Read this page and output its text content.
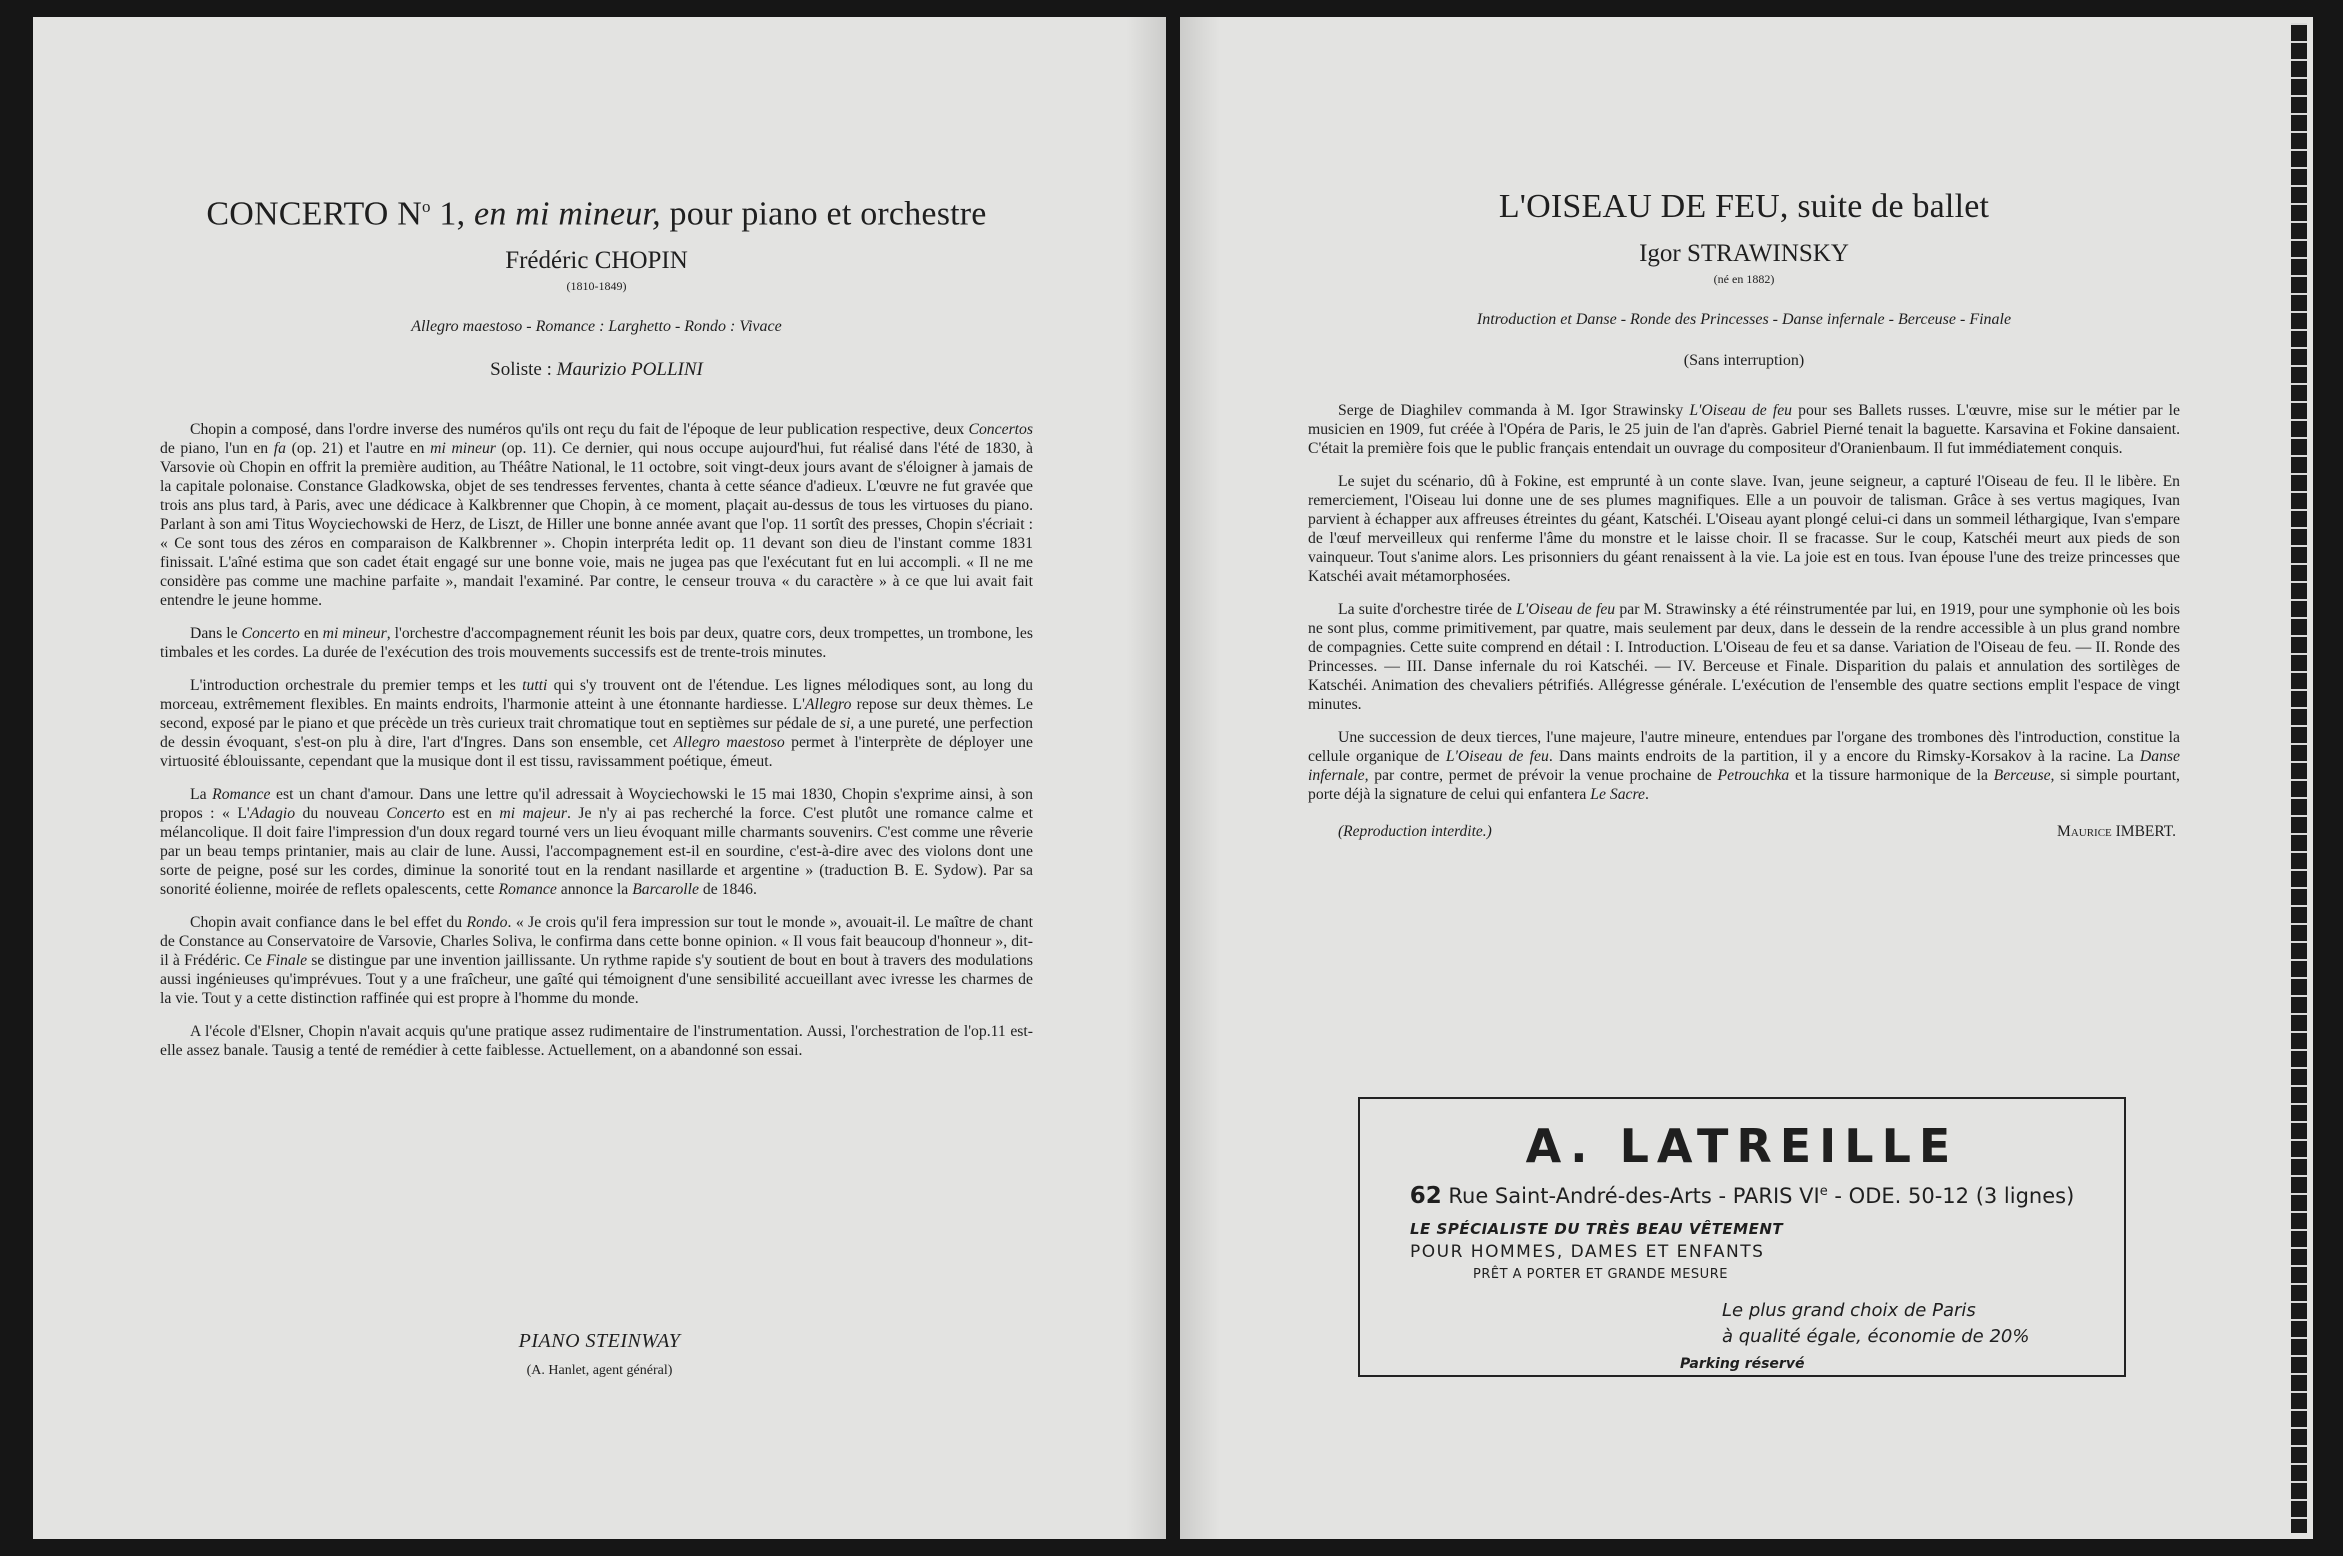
CONCERTO $N^o$ 1, en mi mineur, pour piano et orchestre
Frédéric CHOPIN
(1810-1849)
Allegro maestoso - Romance : Larghetto - Rondo : Vivace
Soliste : Maurizio POLLINI

Chopin a composé, dans l'ordre inverse des numéros qu'ils ont reçu du fait de l'époque de leur publication respective, deux Concertos de piano, l'un en fa (op. 21) et l'autre en mi mineur (op. 11). Ce dernier, qui nous occupe aujourd'hui, fut réalisé dans l'été de 1830, à Varsovie où Chopin en offrit la première audition, au Théâtre National, le 11 octobre, soit vingt-deux jours avant de s'éloigner à jamais de la capitale polonaise. Constance Gladkowska, objet de ses tendresses ferventes, chanta à cette séance d'adieux. L'œuvre ne fut gravée que trois ans plus tard, à Paris, avec une dédicace à Kalkbrenner que Chopin, à ce moment, plaçait au-dessus de tous les virtuoses du piano. Parlant à son ami Titus Woyciechowski de Herz, de Liszt, de Hiller une bonne année avant que l'op. 11 sortît des presses, Chopin s'écriait : « Ce sont tous des zéros en comparaison de Kalkbrenner ». Chopin interpréta ledit op. 11 devant son dieu de l'instant comme 1831 finissait. L'aîné estima que son cadet était engagé sur une bonne voie, mais ne jugea pas que l'exécutant fut en lui accompli. « Il ne me considère pas comme une machine parfaite », mandait l'examiné. Par contre, le censeur trouva « du caractère » à ce que lui avait fait entendre le jeune homme.

Dans le Concerto en mi mineur, l'orchestre d'accompagnement réunit les bois par deux, quatre cors, deux trompettes, un trombone, les timbales et les cordes. La durée de l'exécution des trois mouvements successifs est de trente-trois minutes.

L'introduction orchestrale du premier temps et les tutti qui s'y trouvent ont de l'étendue. Les lignes mélodiques sont, au long du morceau, extrêmement flexibles. En maints endroits, l'harmonie atteint à une étonnante hardiesse. L'Allegro repose sur deux thèmes. Le second, exposé par le piano et que précède un très curieux trait chromatique tout en septièmes sur pédale de si, a une pureté, une perfection de dessin évoquant, s'est-on plu à dire, l'art d'Ingres. Dans son ensemble, cet Allegro maestoso permet à l'interprète de déployer une virtuosité éblouissante, cependant que la musique dont il est tissu, ravissamment poétique, émeut.

La Romance est un chant d'amour. Dans une lettre qu'il adressait à Woyciechowski le 15 mai 1830, Chopin s'exprime ainsi, à son propos : « L'Adagio du nouveau Concerto est en mi majeur. Je n'y ai pas recherché la force. C'est plutôt une romance calme et mélancolique. Il doit faire l'impression d'un doux regard tourné vers un lieu évoquant mille charmants souvenirs. C'est comme une rêverie par un beau temps printanier, mais au clair de lune. Aussi, l'accompagnement est-il en sourdine, c'est-à-dire avec des violons dont une sorte de peigne, posé sur les cordes, diminue la sonorité tout en la rendant nasillarde et argentine » (traduction B. E. Sydow). Par sa sonorité éolienne, moirée de reflets opalescents, cette Romance annonce la Barcarolle de 1846.

Chopin avait confiance dans le bel effet du Rondo. « Je crois qu'il fera impression sur tout le monde », avouait-il. Le maître de chant de Constance au Conservatoire de Varsovie, Charles Soliva, le confirma dans cette bonne opinion. « Il vous fait beaucoup d'honneur », dit-il à Frédéric. Ce Finale se distingue par une invention jaillissante. Un rythme rapide s'y soutient de bout en bout à travers des modulations aussi ingénieuses qu'imprévues. Tout y a une fraîcheur, une gaîté qui témoignent d'une sensibilité accueillant avec ivresse les charmes de la vie. Tout y a cette distinction raffinée qui est propre à l'homme du monde.

A l'école d'Elsner, Chopin n'avait acquis qu'une pratique assez rudimentaire de l'instrumentation. Aussi, l'orchestration de l'op.11 est-elle assez banale. Tausig a tenté de remédier à cette faiblesse. Actuellement, on a abandonné son essai.

PIANO STEINWAY
(A. Hanlet, agent général)
L'OISEAU DE FEU, suite de ballet
Igor STRAWINSKY
(né en 1882)
Introduction et Danse - Ronde des Princesses - Danse infernale - Berceuse - Finale
(Sans interruption)

Serge de Diaghilev commanda à M. Igor Strawinsky L'Oiseau de feu pour ses Ballets russes. L'œuvre, mise sur le métier par le musicien en 1909, fut créée à l'Opéra de Paris, le 25 juin de l'an d'après. Gabriel Pierné tenait la baguette. Karsavina et Fokine dansaient. C'était la première fois que le public français entendait un ouvrage du compositeur d'Oranienbaum. Il fut immédiatement conquis.

Le sujet du scénario, dû à Fokine, est emprunté à un conte slave. Ivan, jeune seigneur, a capturé l'Oiseau de feu. Il le libère. En remerciement, l'Oiseau lui donne une de ses plumes magnifiques. Elle a un pouvoir de talisman. Grâce à ses vertus magiques, Ivan parvient à échapper aux affreuses étreintes du géant, Katschéi. L'Oiseau ayant plongé celui-ci dans un sommeil léthargique, Ivan s'empare de l'œuf merveilleux qui renferme l'âme du monstre et le laisse choir. Il se fracasse. Sur le coup, Katschéi meurt aux pieds de son vainqueur. Tout s'anime alors. Les prisonniers du géant renaissent à la vie. La joie est en tous. Ivan épouse l'une des treize princesses que Katschéi avait métamorphosées.

La suite d'orchestre tirée de L'Oiseau de feu par M. Strawinsky a été réinstrumentée par lui, en 1919, pour une symphonie où les bois ne sont plus, comme primitivement, par quatre, mais seulement par deux, dans le dessein de la rendre accessible à un plus grand nombre de compagnies. Cette suite comprend en détail : I. Introduction. L'Oiseau de feu et sa danse. Variation de l'Oiseau de feu. — II. Ronde des Princesses. — III. Danse infernale du roi Katschéi. — IV. Berceuse et Finale. Disparition du palais et annulation des sortilèges de Katschéi. Animation des chevaliers pétrifiés. Allégresse générale. L'exécution de l'ensemble des quatre sections emplit l'espace de vingt minutes.

Une succession de deux tierces, l'une majeure, l'autre mineure, entendues par l'organe des trombones dès l'introduction, constitue la cellule organique de L'Oiseau de feu. Dans maints endroits de la partition, il y a encore du Rimsky-Korsakov à la racine. La Danse infernale, par contre, permet de prévoir la venue prochaine de Petrouchka et la tissure harmonique de la Berceuse, si simple pourtant, porte déjà la signature de celui qui enfantera Le Sacre.

(Reproduction interdite.)	Maurice IMBERT.
A. LATREILLE
62 Rue Saint-André-des-Arts - PARIS VIe - ODE. 50-12 (3 lignes)
LE SPÉCIALISTE DU TRÈS BEAU VÊTEMENT
POUR HOMMES, DAMES ET ENFANTS
PRÊT A PORTER ET GRANDE MESURE
Le plus grand choix de Paris
à qualité égale, économie de 20%
Parking réservé
